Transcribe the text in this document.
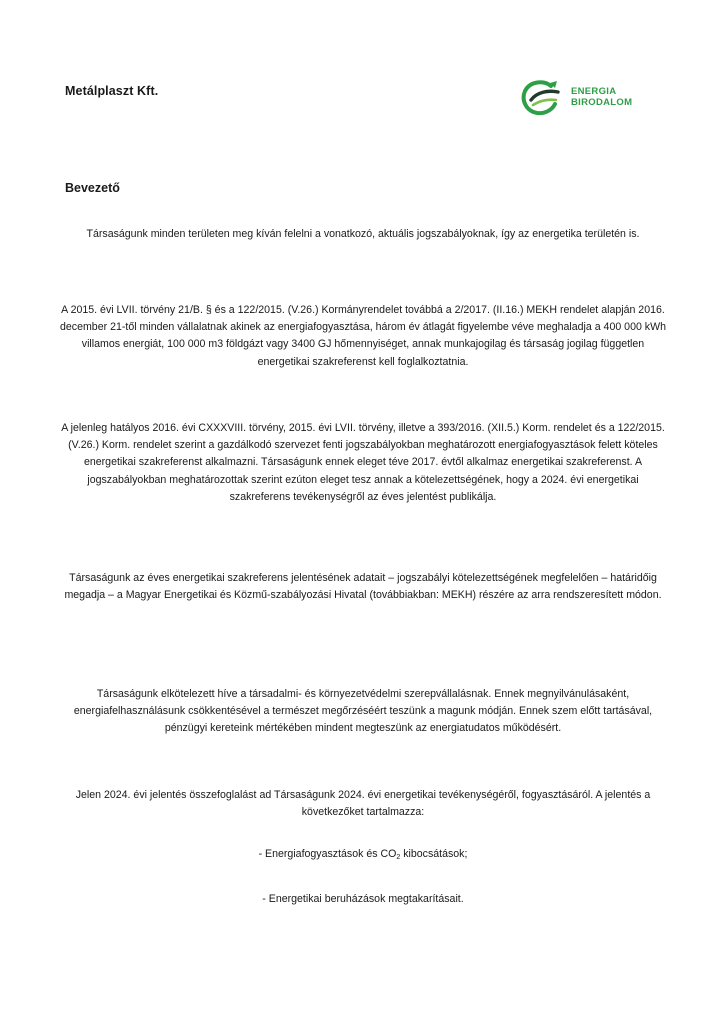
Metálplaszt Kft.	ENERGIA
BIRODALOM
Bevezető
Társaságunk minden területen meg kíván felelni a vonatkozó, aktuális jogszabályoknak, így az energetika területén is.
A 2015. évi LVII. törvény 21/B. § és a 122/2015. (V.26.) Kormányrendelet továbbá a 2/2017. (II.16.) MEKH rendelet alapján 2016. december 21-től minden vállalatnak akinek az energiafogyasztása, három év átlagát figyelembe véve meghaladja a 400 000 kWh villamos energiát, 100 000 m3 földgázt vagy 3400 GJ hőmennyiséget, annak munkajogilag és társaság jogilag független energetikai szakreferenst kell foglalkoztatnia.
A jelenleg hatályos 2016. évi CXXXVIII. törvény, 2015. évi LVII. törvény, illetve a 393/2016. (XII.5.) Korm. rendelet és a 122/2015. (V.26.) Korm. rendelet szerint a gazdálkodó szervezet fenti jogszabályokban meghatározott energiafogyasztások felett köteles energetikai szakreferenst alkalmazni. Társaságunk ennek eleget téve 2017. évtől alkalmaz energetikai szakreferenst. A jogszabályokban meghatározottak szerint ezúton eleget tesz annak a kötelezettségének, hogy a 2024. évi energetikai szakreferens tevékenységről az éves jelentést publikálja.
Társaságunk az éves energetikai szakreferens jelentésének adatait – jogszabályi kötelezettségének megfelelően – határidőig megadja – a Magyar Energetikai és Közmű-szabályozási Hivatal (továbbiakban: MEKH) részére az arra rendszeresített módon.
Társaságunk elkötelezett híve a társadalmi- és környezetvédelmi szerepvállalásnak. Ennek megnyilvánulásaként, energiafelhasználásunk csökkentésével a természet megőrzéséért teszünk a magunk módján. Ennek szem előtt tartásával, pénzügyi kereteink mértékében mindent megteszünk az energiatudatos működésért.
Jelen 2024. évi jelentés összefoglalást ad Társaságunk 2024. évi energetikai tevékenységéről, fogyasztásáról. A jelentés a következőket tartalmazza:
- Energiafogyasztások és $CO_2$ kibocsátások;
- Energetikai beruházások megtakarításait.
